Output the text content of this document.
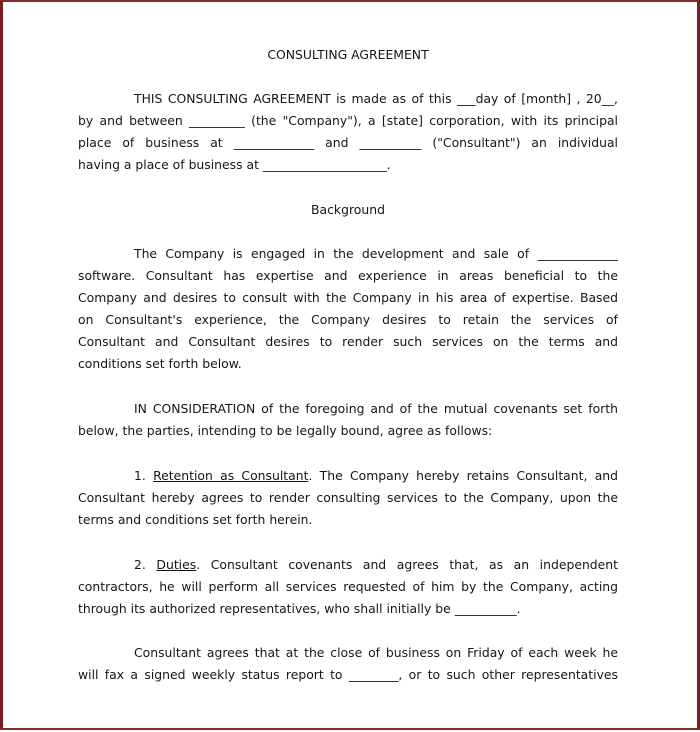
CONSULTING AGREEMENT
THIS CONSULTING AGREEMENT is made as of this ___day of [month] , 20__,
by and between _________ (the "Company"), a [state] corporation, with its principal
place of business at _____________ and __________ ("Consultant") an individual
having a place of business at ____________________.
Background
The Company is engaged in the development and sale of _____________
software. Consultant has expertise and experience in areas beneficial to the
Company and desires to consult with the Company in his area of expertise. Based
on Consultant's experience, the Company desires to retain the services of
Consultant and Consultant desires to render such services on the terms and
conditions set forth below.
IN CONSIDERATION of the foregoing and of the mutual covenants set forth
below, the parties, intending to be legally bound, agree as follows:
1. Retention as Consultant. The Company hereby retains Consultant, and
Consultant hereby agrees to render consulting services to the Company, upon the
terms and conditions set forth herein.
2. Duties. Consultant covenants and agrees that, as an independent
contractors, he will perform all services requested of him by the Company, acting
through its authorized representatives, who shall initially be __________.
Consultant agrees that at the close of business on Friday of each week he
will fax a signed weekly status report to ________, or to such other representatives
